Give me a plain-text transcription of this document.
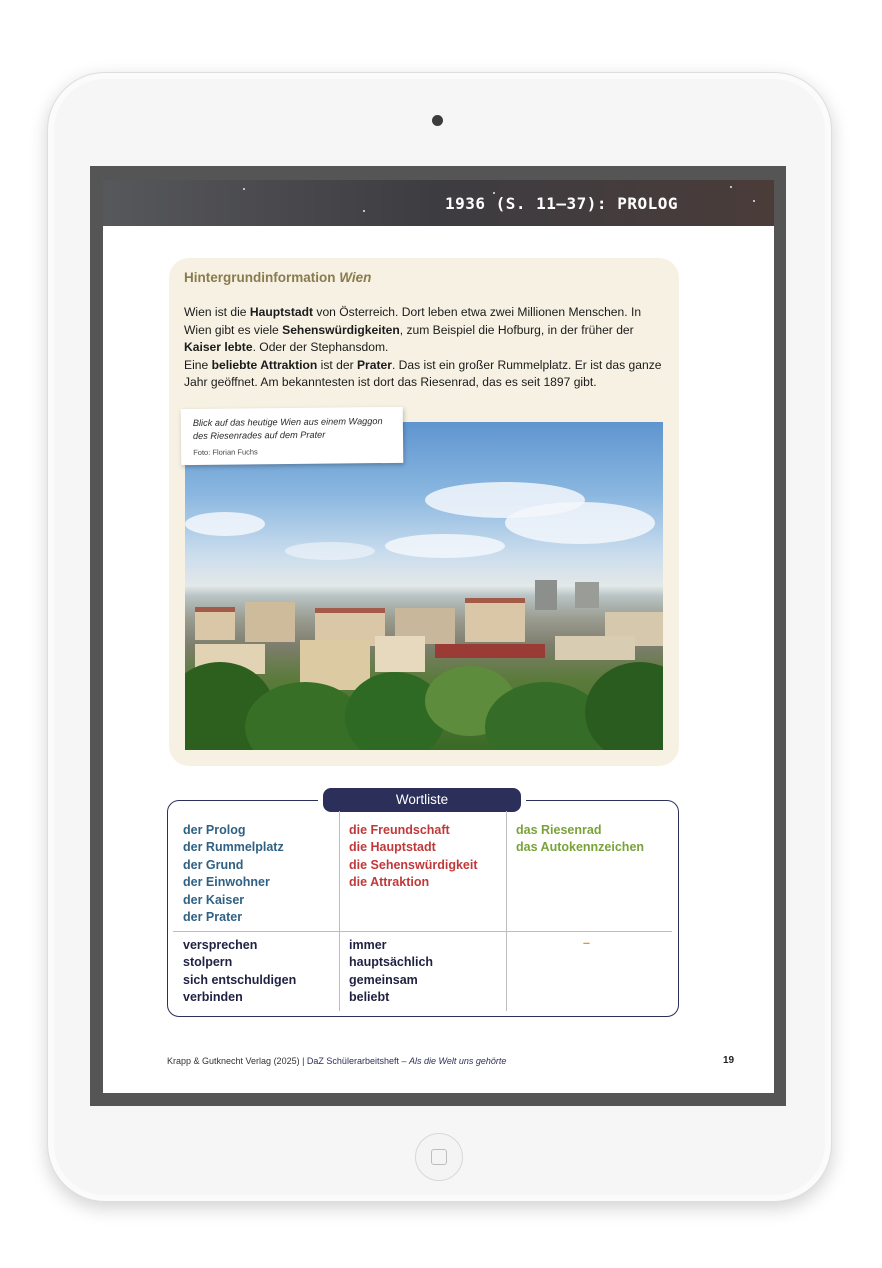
1936 (S. 11–37): PROLOG
Hintergrundinformation Wien
Wien ist die Hauptstadt von Österreich. Dort leben etwa zwei Millionen Menschen. In Wien gibt es viele Sehenswürdigkeiten, zum Beispiel die Hofburg, in der früher der Kaiser lebte. Oder der Stephansdom.
Eine beliebte Attraktion ist der Prater. Das ist ein großer Rummelplatz. Er ist das ganze Jahr geöffnet. Am bekanntesten ist dort das Riesenrad, das es seit 1897 gibt.
Blick auf das heutige Wien aus einem Waggon des Riesenrades auf dem Prater
Foto: Florian Fuchs
Wortliste
der Prolog
der Rummelplatz
der Grund
der Einwohner
der Kaiser
der Prater
die Freundschaft
die Hauptstadt
die Sehenswürdigkeit
die Attraktion
das Riesenrad
das Autokennzeichen
versprechen
stolpern
sich entschuldigen
verbinden
immer
hauptsächlich
gemeinsam
beliebt
–
Krapp & Gutknecht Verlag (2025) | DaZ Schülerarbeitsheft – Als die Welt uns gehörte	19
